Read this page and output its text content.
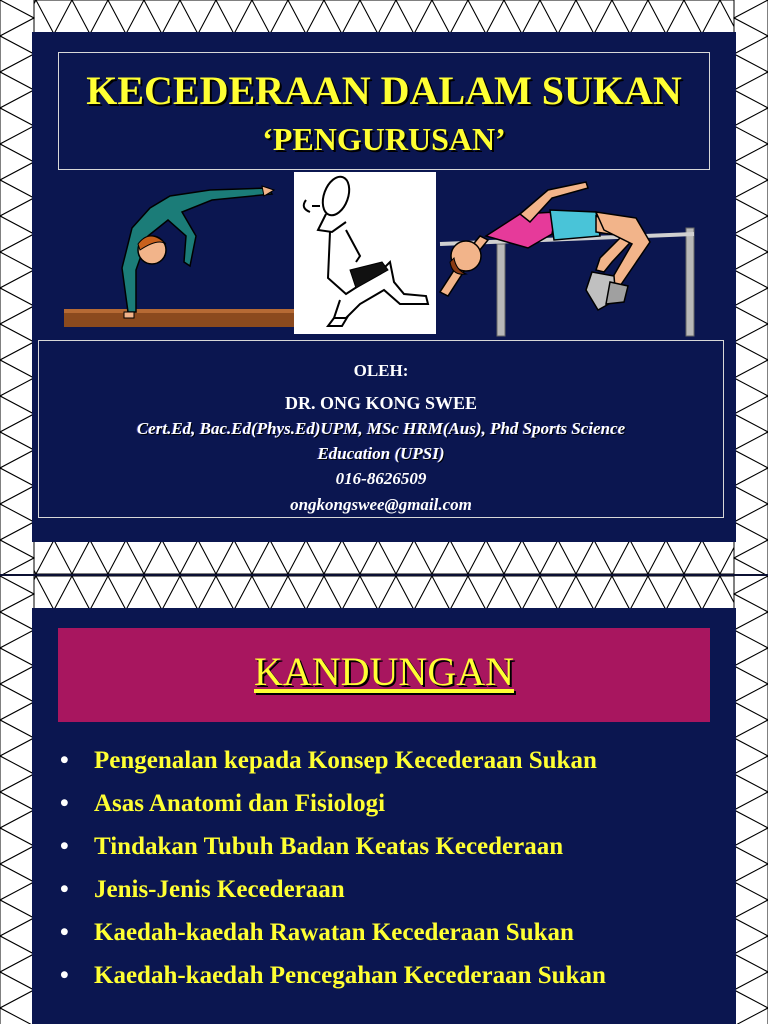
KECEDERAAN DALAM SUKAN
‘PENGURUSAN’
OLEH:
DR. ONG KONG SWEE
Cert.Ed, Bac.Ed(Phys.Ed)UPM, MSc HRM(Aus), Phd Sports Science
Education (UPSI)
016-8626509
ongkongswee@gmail.com
KANDUNGAN
• Pengenalan kepada Konsep Kecederaan Sukan
• Asas Anatomi dan Fisiologi
• Tindakan Tubuh Badan Keatas Kecederaan
• Jenis-Jenis Kecederaan
• Kaedah-kaedah Rawatan Kecederaan Sukan
• Kaedah-kaedah Pencegahan Kecederaan Sukan
